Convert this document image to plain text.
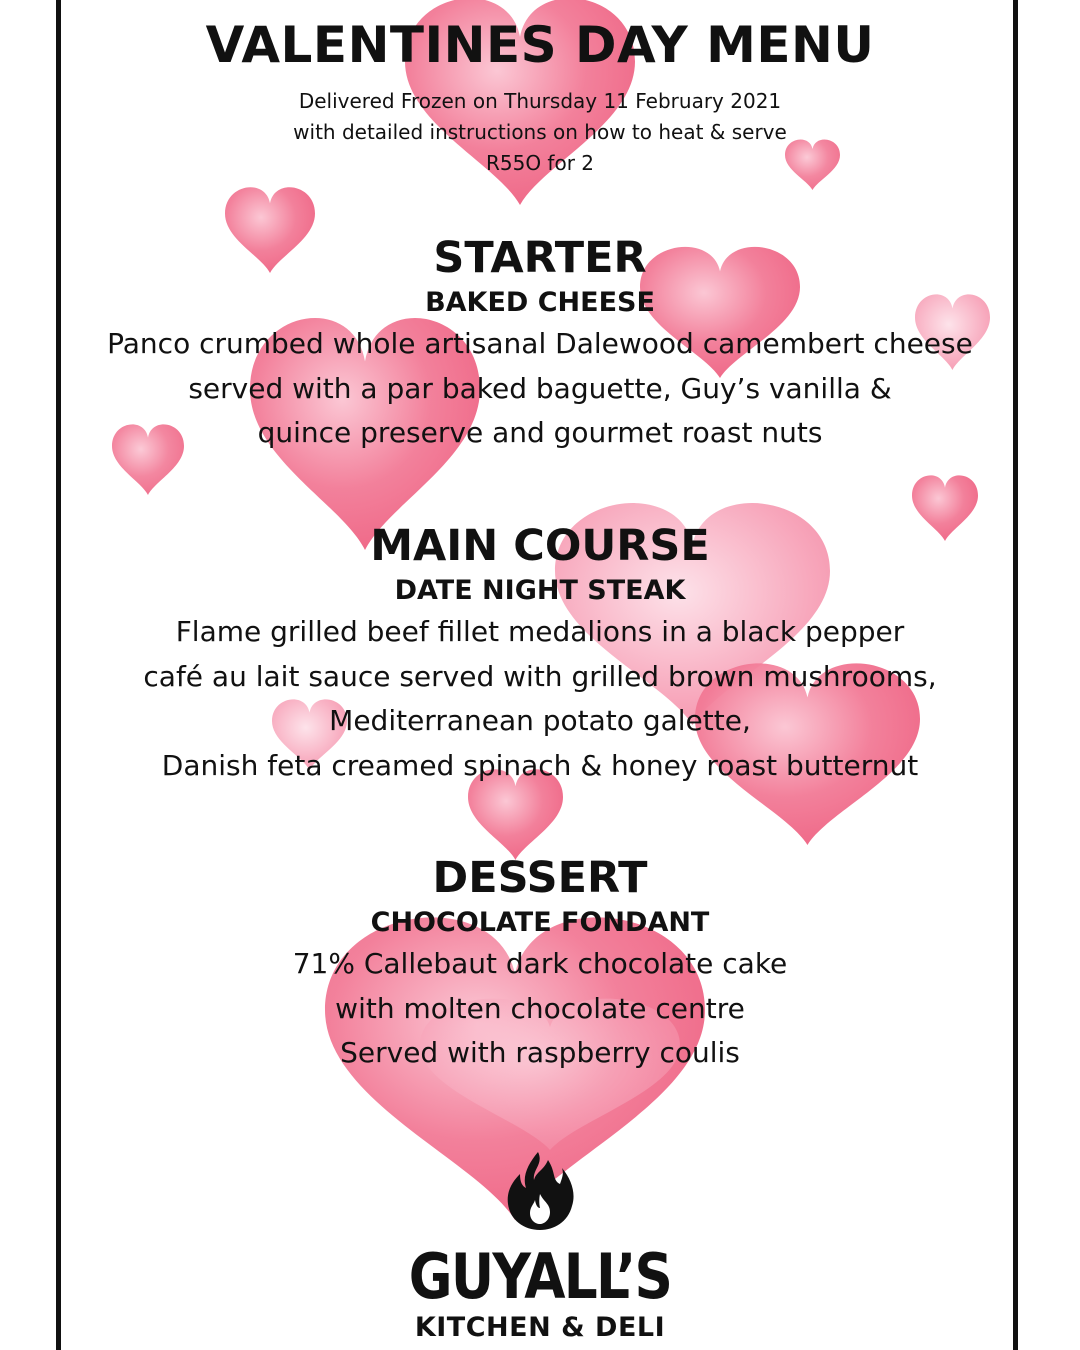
VALENTINES DAY MENU
Delivered Frozen on Thursday 11 February 2021
with detailed instructions on how to heat & serve
R55O for 2
STARTER
BAKED CHEESE
Panco crumbed whole artisanal Dalewood camembert cheese
served with a par baked baguette, Guy’s vanilla &
quince preserve and gourmet roast nuts
MAIN COURSE
DATE NIGHT STEAK
Flame grilled beef fillet medalions in a black pepper
café au lait sauce served with grilled brown mushrooms,
Mediterranean potato galette,
Danish feta creamed spinach & honey roast butternut
DESSERT
CHOCOLATE FONDANT
71% Callebaut dark chocolate cake
with molten chocolate centre
Served with raspberry coulis
GUYALL’S
KITCHEN & DELI
